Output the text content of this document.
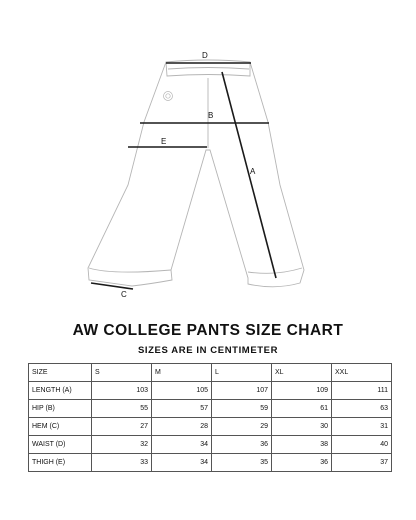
D
B
E
A
C
AW COLLEGE PANTS SIZE CHART
SIZES ARE IN CENTIMETER
SIZE	S	M	L	XL	XXL
LENGTH (A)	103	105	107	109	111
HIP (B)	55	57	59	61	63
HEM (C)	27	28	29	30	31
WAIST (D)	32	34	36	38	40
THIGH (E)	33	34	35	36	37
